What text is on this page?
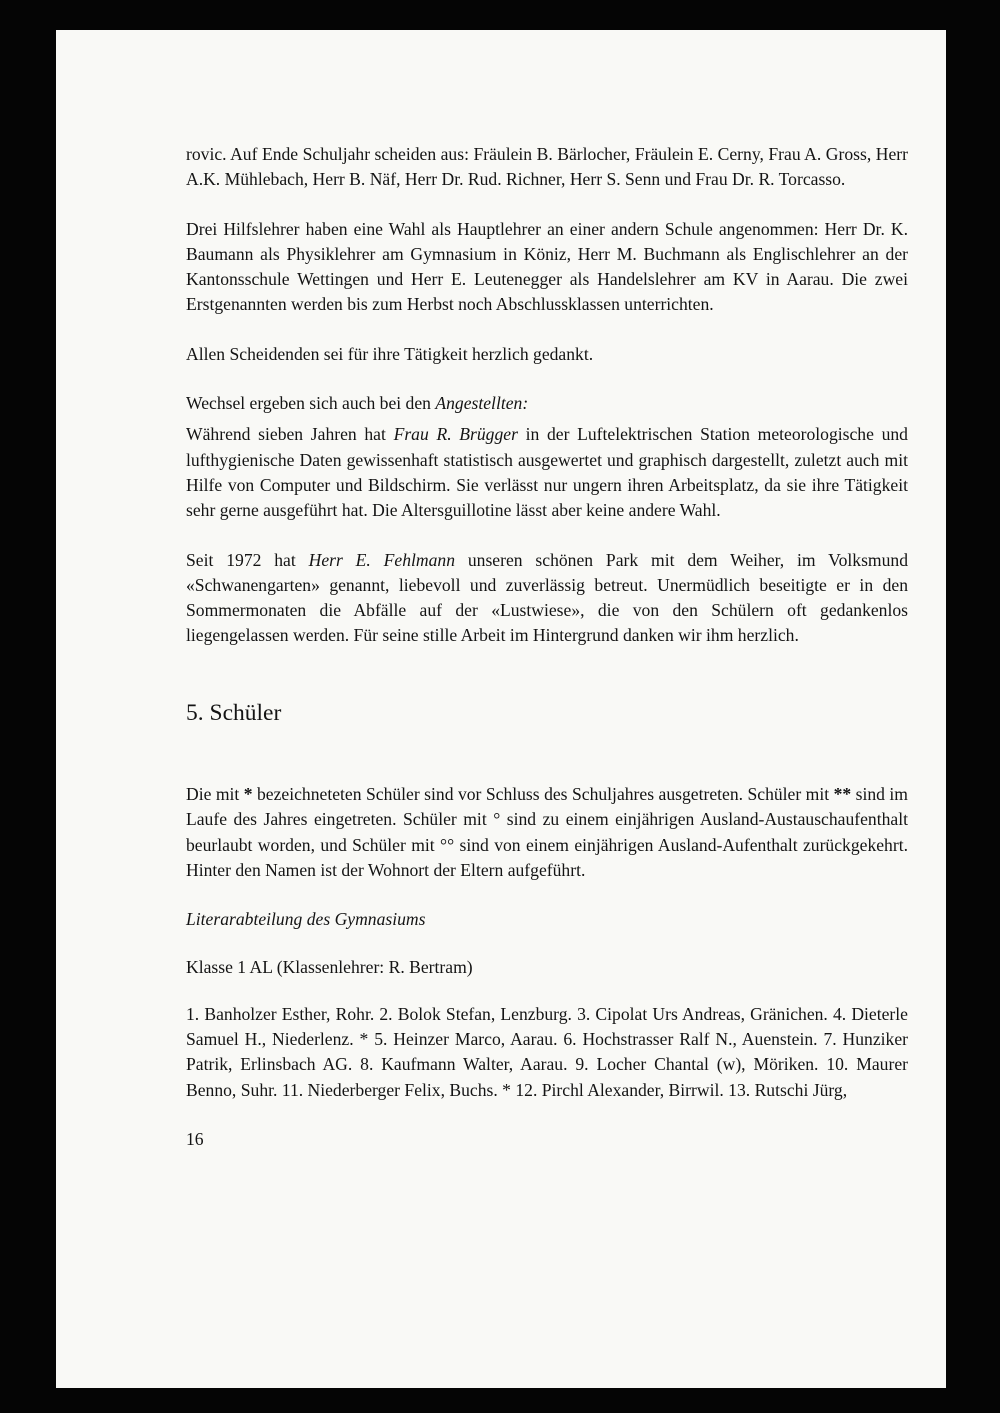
rovic. Auf Ende Schuljahr scheiden aus: Fräulein B. Bärlocher, Fräulein E. Cerny, Frau A. Gross, Herr A.K. Mühlebach, Herr B. Näf, Herr Dr. Rud. Richner, Herr S. Senn und Frau Dr. R. Torcasso.

Drei Hilfslehrer haben eine Wahl als Hauptlehrer an einer andern Schule angenommen: Herr Dr. K. Baumann als Physiklehrer am Gymnasium in Köniz, Herr M. Buchmann als Englischlehrer an der Kantonsschule Wettingen und Herr E. Leutenegger als Handelslehrer am KV in Aarau. Die zwei Erstgenannten werden bis zum Herbst noch Abschlussklassen unterrichten.

Allen Scheidenden sei für ihre Tätigkeit herzlich gedankt.

Wechsel ergeben sich auch bei den Angestellten:

Während sieben Jahren hat Frau R. Brügger in der Luftelektrischen Station meteorologische und lufthygienische Daten gewissenhaft statistisch ausgewertet und graphisch dargestellt, zuletzt auch mit Hilfe von Computer und Bildschirm. Sie verlässt nur ungern ihren Arbeitsplatz, da sie ihre Tätigkeit sehr gerne ausgeführt hat. Die Altersguillotine lässt aber keine andere Wahl.

Seit 1972 hat Herr E. Fehlmann unseren schönen Park mit dem Weiher, im Volksmund «Schwanengarten» genannt, liebevoll und zuverlässig betreut. Unermüdlich beseitigte er in den Sommermonaten die Abfälle auf der «Lustwiese», die von den Schülern oft gedankenlos liegengelassen werden. Für seine stille Arbeit im Hintergrund danken wir ihm herzlich.

5. Schüler

Die mit * bezeichneteten Schüler sind vor Schluss des Schuljahres ausgetreten. Schüler mit ** sind im Laufe des Jahres eingetreten. Schüler mit ° sind zu einem einjährigen Ausland-Austauschaufenthalt beurlaubt worden, und Schüler mit °° sind von einem einjährigen Ausland-Aufenthalt zurückgekehrt. Hinter den Namen ist der Wohnort der Eltern aufgeführt.

Literarabteilung des Gymnasiums

Klasse 1 AL (Klassenlehrer: R. Bertram)

1. Banholzer Esther, Rohr. 2. Bolok Stefan, Lenzburg. 3. Cipolat Urs Andreas, Gränichen. 4. Dieterle Samuel H., Niederlenz. * 5. Heinzer Marco, Aarau. 6. Hochstrasser Ralf N., Auenstein. 7. Hunziker Patrik, Erlinsbach AG. 8. Kaufmann Walter, Aarau. 9. Locher Chantal (w), Möriken. 10. Maurer Benno, Suhr. 11. Niederberger Felix, Buchs. * 12. Pirchl Alexander, Birrwil. 13. Rutschi Jürg,

16
